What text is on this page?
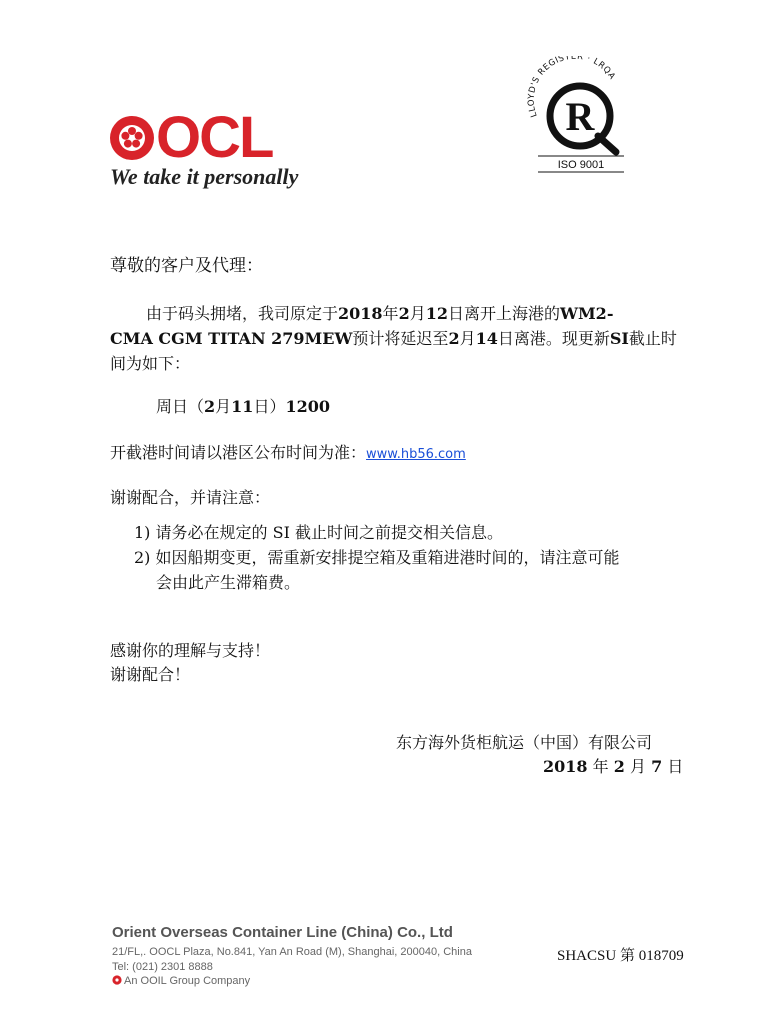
O C L
We take it personally
LLOYD'S REGISTER · LRQA
R
ISO 9001
尊敬的客户及代理：
由于码头拥堵，我司原定于2018年2月12日离开上海港的WM2-
CMA CGM TITAN 279MEW预计将延迟至2月14日离港。现更新SI截止时
间为如下：
周日（2月11日）1200
开截港时间请以港区公布时间为准：www.hb56.com
谢谢配合，并请注意：
1) 请务必在规定的 SI 截止时间之前提交相关信息。
2) 如因船期变更，需重新安排提空箱及重箱进港时间的，请注意可能
会由此产生滞箱费。
感谢你的理解与支持！
谢谢配合！
东方海外货柜航运（中国）有限公司
2018 年 2 月 7 日
Orient Overseas Container Line (China) Co., Ltd
21/FL,. OOCL Plaza, No.841, Yan An Road (M), Shanghai, 200040, China
Tel: (021) 2301 8888
An OOIL Group Company
SHACSU 第 018709
